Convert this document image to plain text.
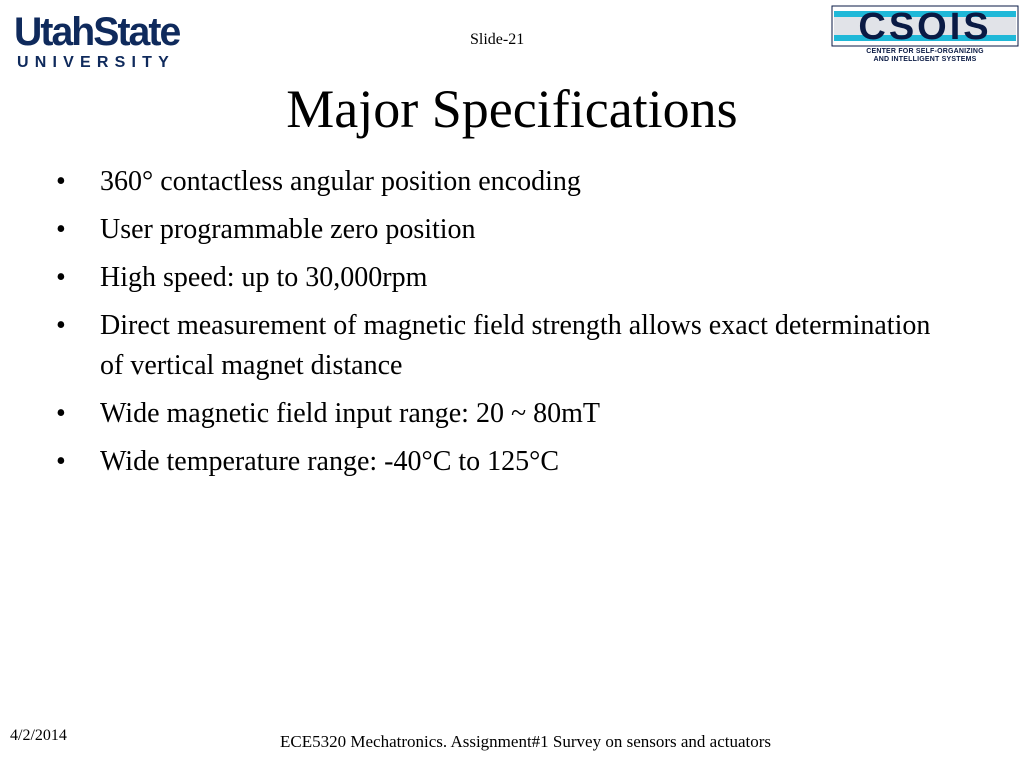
UtahState
UNIVERSITY
Slide-21	CSOIS
CENTER FOR SELF-ORGANIZING
AND INTELLIGENT SYSTEMS
Major Specifications
•	360° contactless angular position encoding
•	User programmable zero position
•	High speed: up to 30,000rpm
•	Direct measurement of magnetic field strength allows exact determination of vertical magnet distance
•	Wide magnetic field input range: 20 ~ 80mT
•	Wide temperature range: -40°C to 125°C
4/2/2014	ECE5320 Mechatronics. Assignment#1 Survey on sensors and actuators
